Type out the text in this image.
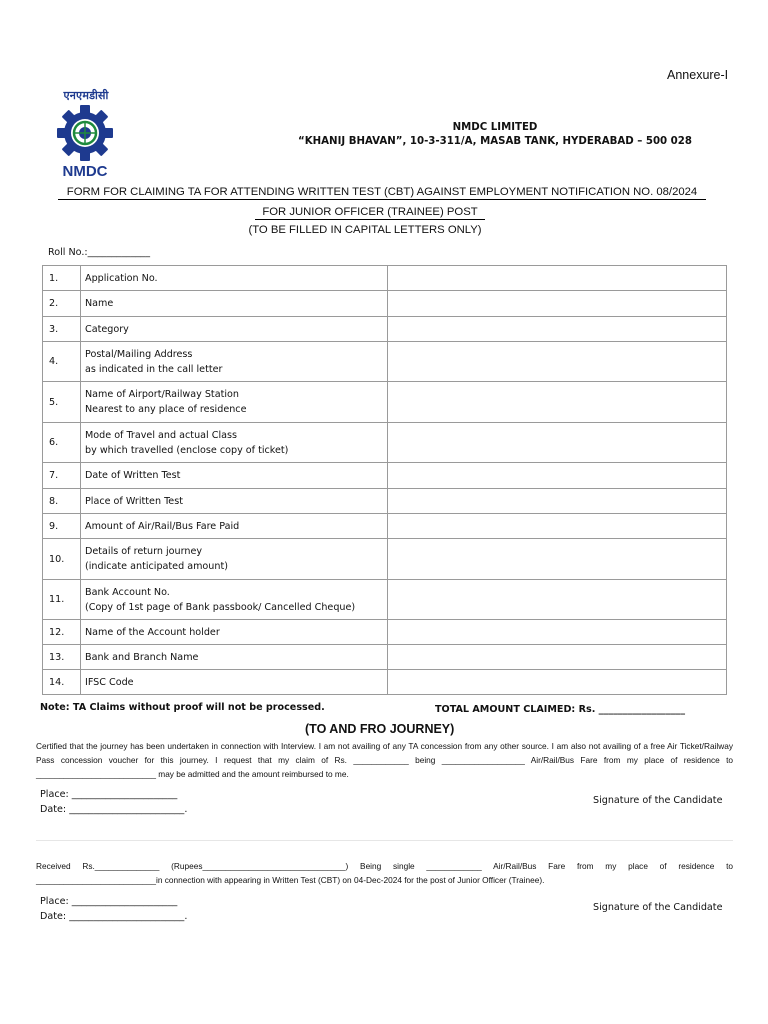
Annexure-I
एनएमडीसी
NMDC
NMDC LIMITED
“KHANIJ BHAVAN”, 10-3-311/A, MASAB TANK, HYDERABAD – 500 028
FORM FOR CLAIMING TA FOR ATTENDING WRITTEN TEST (CBT) AGAINST EMPLOYMENT NOTIFICATION NO. 08/2024
FOR JUNIOR OFFICER (TRAINEE) POST
(TO BE FILLED IN CAPITAL LETTERS ONLY)
Roll No.:_____________
1.	Application No.	

2.	Name	

3.	Category	

4.	Postal/Mailing Address
as indicated in the call letter	

5.	Name of Airport/Railway Station
Nearest to any place of residence	

6.	Mode of Travel and actual Class
by which travelled (enclose copy of ticket)	

7.	Date of Written Test	

8.	Place of Written Test	

9.	Amount of Air/Rail/Bus Fare Paid	

10.	Details of return journey
(indicate anticipated amount)	

11.	Bank Account No.
(Copy of 1st page of Bank passbook/ Cancelled Cheque)	

12.	Name of the Account holder	

13.	Bank and Branch Name	

14.	IFSC Code	

Note: TA Claims without proof will not be processed.	TOTAL AMOUNT CLAIMED: Rs. __________________
(TO AND FRO JOURNEY)
Certified that the journey has been undertaken in connection with Interview. I am not availing of any TA concession from any other source. I am also not availing of a free Air Ticket/Railway Pass concession voucher for this journey. I request that my claim of Rs. ____________ being __________________ Air/Rail/Bus Fare from my place of residence to __________________________ may be admitted and the amount reimbursed to me.
Place: ______________________
Date: ________________________.
Signature of the Candidate
Received Rs.______________ (Rupees_______________________________) Being single ____________ Air/Rail/Bus Fare from my place of residence to __________________________in connection with appearing in Written Test (CBT) on 04-Dec-2024 for the post of Junior Officer (Trainee).
Place: ______________________
Date: ________________________.
Signature of the Candidate
